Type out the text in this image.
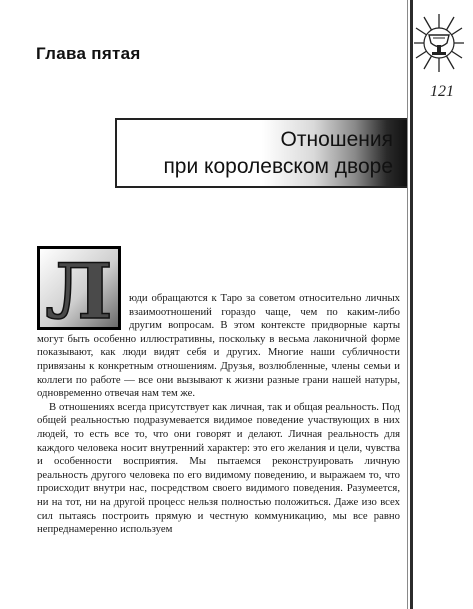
Глава пятая
121
Отношения
при королевском дворе
Л	юди обращаются к Таро за советом относительно личных взаимоотношений гораздо чаще, чем по каким-либо другим вопросам. В этом контексте придворные карты могут быть особенно иллюстративны, поскольку в весьма лаконичной форме показывают, как люди видят себя и других. Многие наши субличности привязаны к конкретным отношениям. Друзья, возлюбленные, члены семьи и коллеги по работе — все они вызывают к жизни разные грани нашей натуры, одновременно отвечая нам тем же.

В отношениях всегда присутствует как личная, так и общая реальность. Под общей реальностью подразумевается видимое поведение участвующих в них людей, то есть все то, что они говорят и делают. Личная реальность для каждого человека носит внутренний характер: это его желания и цели, чувства и особенности восприятия. Мы пытаемся реконструировать личную реальность другого человека по его видимому поведению, и выражаем то, что происходит внутри нас, посредством своего видимого поведения. Разумеется, ни на тот, ни на другой процесс нельзя полностью положиться. Даже изо всех сил пытаясь построить прямую и честную коммуникацию, мы все равно непреднамеренно используем
